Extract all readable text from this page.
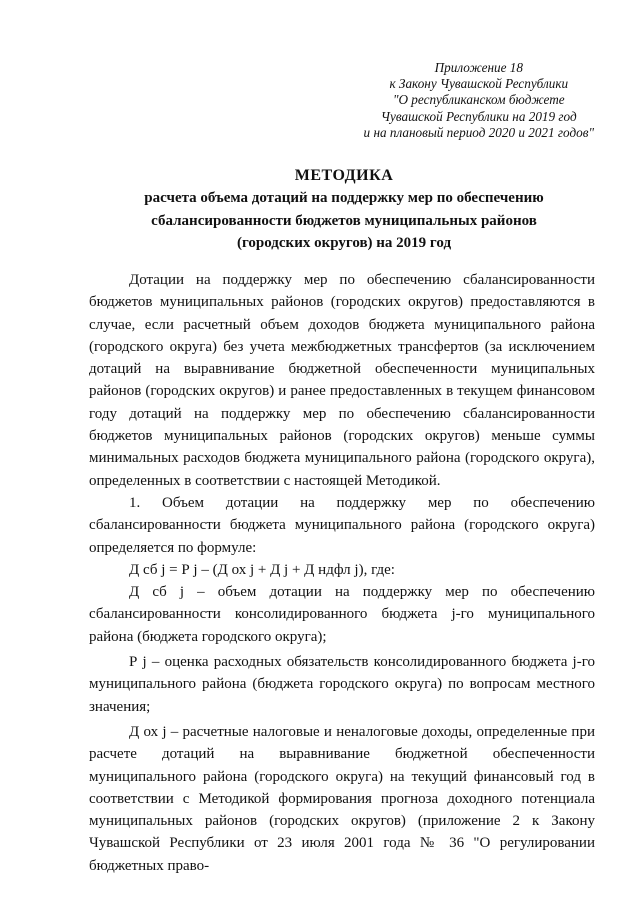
Приложение 18
к Закону Чувашской Республики
"О республиканском бюджете
Чувашской Республики на 2019 год
и на плановый период 2020 и 2021 годов"
МЕТОДИКА
расчета объема дотаций на поддержку мер по обеспечению
сбалансированности бюджетов муниципальных районов
(городских округов) на 2019 год

Дотации на поддержку мер по обеспечению сбалансированности бюджетов муниципальных районов (городских округов) предоставляются в случае, если расчетный объем доходов бюджета муниципального района (городского округа) без учета межбюджетных трансфертов (за исключением дотаций на выравнивание бюджетной обеспеченности муниципальных районов (городских округов) и ранее предоставленных в текущем финансовом году дотаций на поддержку мер по обеспечению сбалансированности бюджетов муниципальных районов (городских округов) меньше суммы минимальных расходов бюджета муниципального района (городского округа), определенных в соответствии с настоящей Методикой.

1. Объем дотации на поддержку мер по обеспечению сбалансированности бюджета муниципального района (городского округа) определяется по формуле:

Д сб j = Р j – (Д ох j + Д j + Д ндфл j), где:

Д сб j – объем дотации на поддержку мер по обеспечению сбалансированности консолидированного бюджета j-го муниципального района (бюджета городского округа);

Р j – оценка расходных обязательств консолидированного бюджета j-го муниципального района (бюджета городского округа) по вопросам местного значения;

Д ох j – расчетные налоговые и неналоговые доходы, определенные при расчете дотаций на выравнивание бюджетной обеспеченности муниципального района (городского округа) на текущий финансовый год в соответствии с Методикой формирования прогноза доходного потенциала муниципальных районов (городских округов) (приложение 2 к Закону Чувашской Республики от 23 июля 2001 года № 36 "О регулировании бюджетных право-
